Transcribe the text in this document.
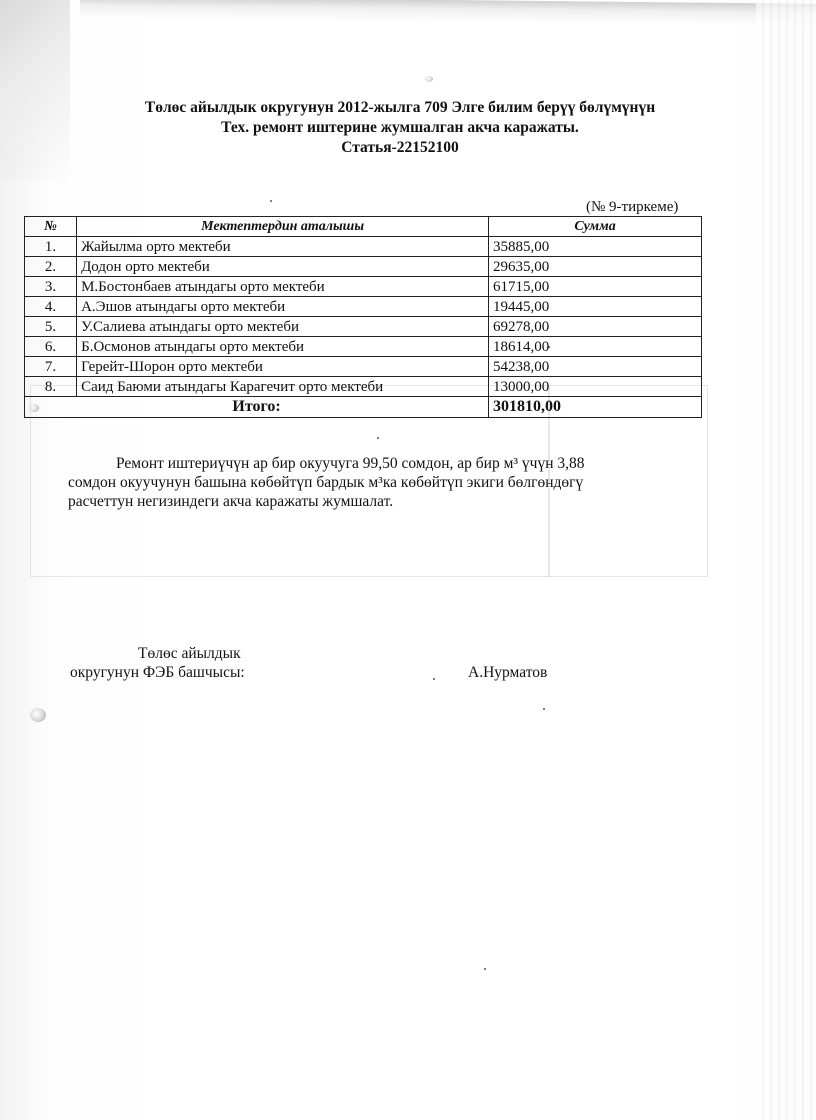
Төлөс айылдык округунун 2012-жылга 709 Элге билим берүү бөлүмүнүн
Тех. ремонт иштерине жумшалган акча каражаты.
Статья-22152100
(№ 9-тиркеме)
№	Мектептердин аталышы	Сумма
1.	Жайылма орто мектеби	35885,00
2.	Додон орто мектеби	29635,00
3.	М.Бостонбаев атындагы орто мектеби	61715,00
4.	А.Эшов атындагы орто мектеби	19445,00
5.	У.Салиева атындагы орто мектеби	69278,00
6.	Б.Осмонов атындагы орто мектеби	18614,00
7.	Герейт-Шорон орто мектеби	54238,00
8.	Саид Баюми атындагы Карагечит орто мектеби	13000,00
Итого:		301810,00
Ремонт иштериүчүн ар бир окуучуга 99,50 сомдон, ар бир м³ үчүн 3,88
сомдон окуучунун башына көбөйтүп бардык м³ка көбөйтүп экиги бөлгөндөгү
расчеттун негизиндеги акча каражаты жумшалат.
Төлөс айылдык
округунун ФЭБ башчысы:	А.Нурматов
